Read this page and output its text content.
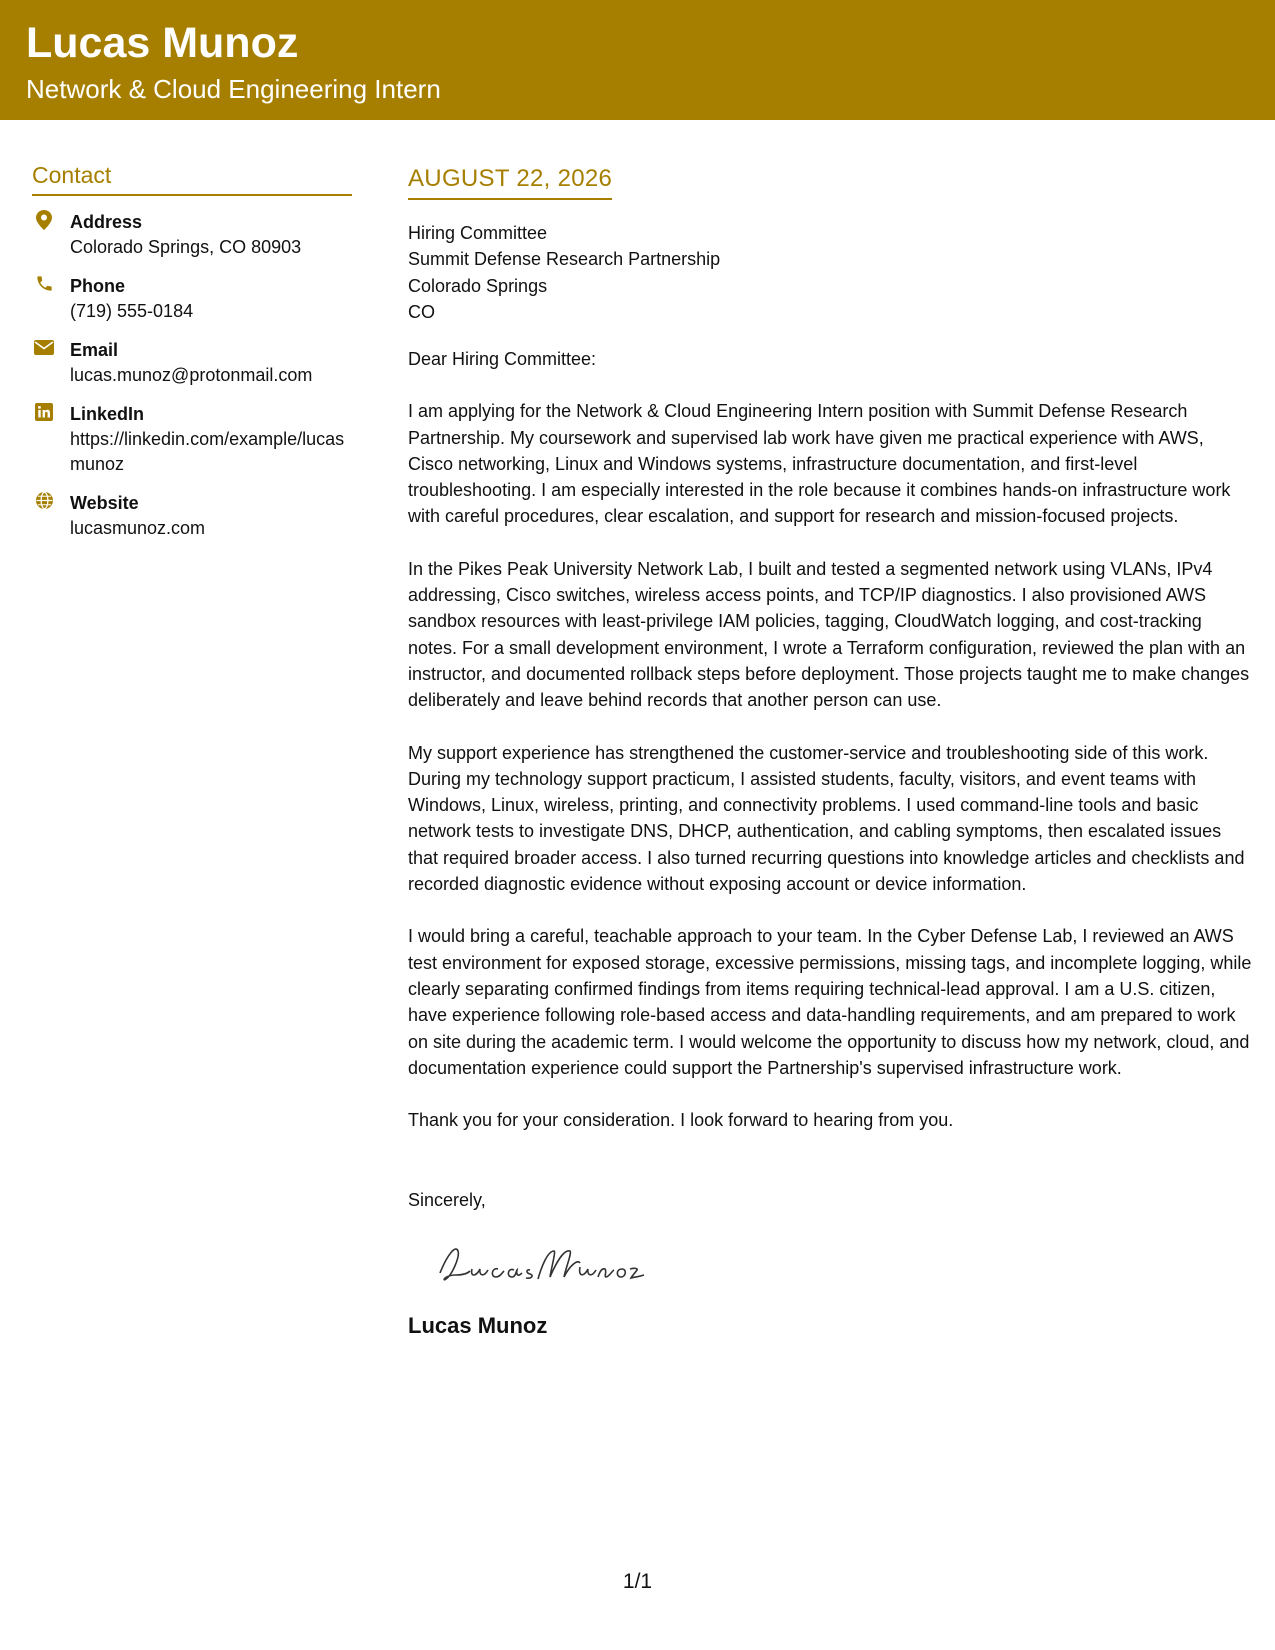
Lucas Munoz
Network & Cloud Engineering Intern
Contact
Address
Colorado Springs, CO 80903
Phone
(719) 555-0184
Email
lucas.munoz@protonmail.com
LinkedIn
https://linkedin.com/example/lucasmunoz
Website
lucasmunoz.com
AUGUST 22, 2026
Hiring Committee
Summit Defense Research Partnership
Colorado Springs
CO
Dear Hiring Committee:
I am applying for the Network & Cloud Engineering Intern position with Summit Defense Research Partnership. My coursework and supervised lab work have given me practical experience with AWS, Cisco networking, Linux and Windows systems, infrastructure documentation, and first-level troubleshooting. I am especially interested in the role because it combines hands-on infrastructure work with careful procedures, clear escalation, and support for research and mission-focused projects.
In the Pikes Peak University Network Lab, I built and tested a segmented network using VLANs, IPv4 addressing, Cisco switches, wireless access points, and TCP/IP diagnostics. I also provisioned AWS sandbox resources with least-privilege IAM policies, tagging, CloudWatch logging, and cost-tracking notes. For a small development environment, I wrote a Terraform configuration, reviewed the plan with an instructor, and documented rollback steps before deployment. Those projects taught me to make changes deliberately and leave behind records that another person can use.
My support experience has strengthened the customer-service and troubleshooting side of this work. During my technology support practicum, I assisted students, faculty, visitors, and event teams with Windows, Linux, wireless, printing, and connectivity problems. I used command-line tools and basic network tests to investigate DNS, DHCP, authentication, and cabling symptoms, then escalated issues that required broader access. I also turned recurring questions into knowledge articles and checklists and recorded diagnostic evidence without exposing account or device information.
I would bring a careful, teachable approach to your team. In the Cyber Defense Lab, I reviewed an AWS test environment for exposed storage, excessive permissions, missing tags, and incomplete logging, while clearly separating confirmed findings from items requiring technical-lead approval. I am a U.S. citizen, have experience following role-based access and data-handling requirements, and am prepared to work on site during the academic term. I would welcome the opportunity to discuss how my network, cloud, and documentation experience could support the Partnership's supervised infrastructure work.
Thank you for your consideration. I look forward to hearing from you.
Sincerely,
Lucas Munoz
1/1
